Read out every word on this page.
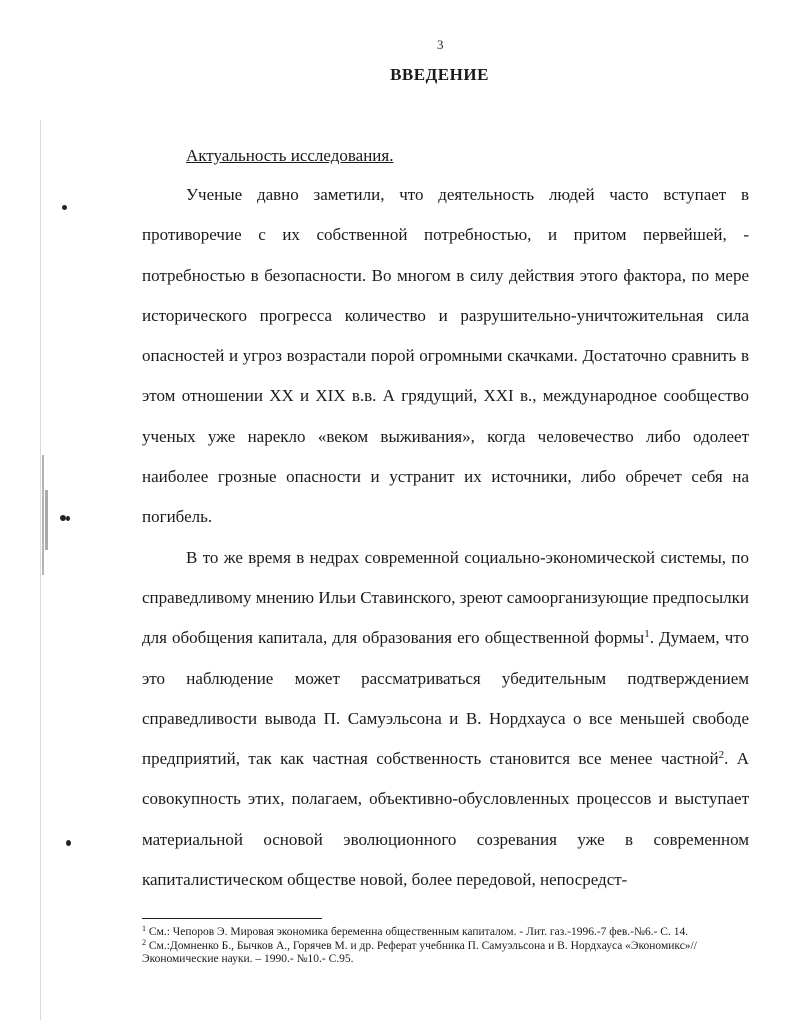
3
ВВЕДЕНИЕ
Актуальность исследования.

Ученые давно заметили, что деятельность людей часто вступает в противоречие с их собственной потребностью, и притом первейшей, - потребностью в безопасности. Во многом в силу действия этого фактора, по мере исторического прогресса количество и разрушительно-уничтожительная сила опасностей и угроз возрастали порой огромными скачками. Достаточно сравнить в этом отношении XX и XIX в.в. А грядущий, XXI в., международное сообщество ученых уже нарекло «веком выживания», когда человечество либо одолеет наиболее грозные опасности и устранит их источники, либо обречет себя на погибель.

В то же время в недрах современной социально-экономической системы, по справедливому мнению Ильи Ставинского, зреют самоорганизующие предпосылки для обобщения капитала, для образования его общественной формы$^1$. Думаем, что это наблюдение может рассматриваться убедительным подтверждением справедливости вывода П. Самуэльсона и В. Нордхауса о все меньшей свободе предприятий, так как частная собственность становится все менее частной$^2$. А совокупность этих, полагаем, объективно-обусловленных процессов и выступает материальной основой эволюционного созревания уже в современном капиталистическом обществе новой, более передовой, непосредст-

$^1$ См.: Чепоров Э. Мировая экономика беременна общественным капиталом. - Лит. газ.-1996.-7 фев.-№6.- С. 14.
$^2$ См.:Домненко Б., Бычков А., Горячев М. и др. Реферат учебника П. Самуэльсона и В. Нордхауса «Экономикс»// Экономические науки. – 1990.- №10.- С.95.
